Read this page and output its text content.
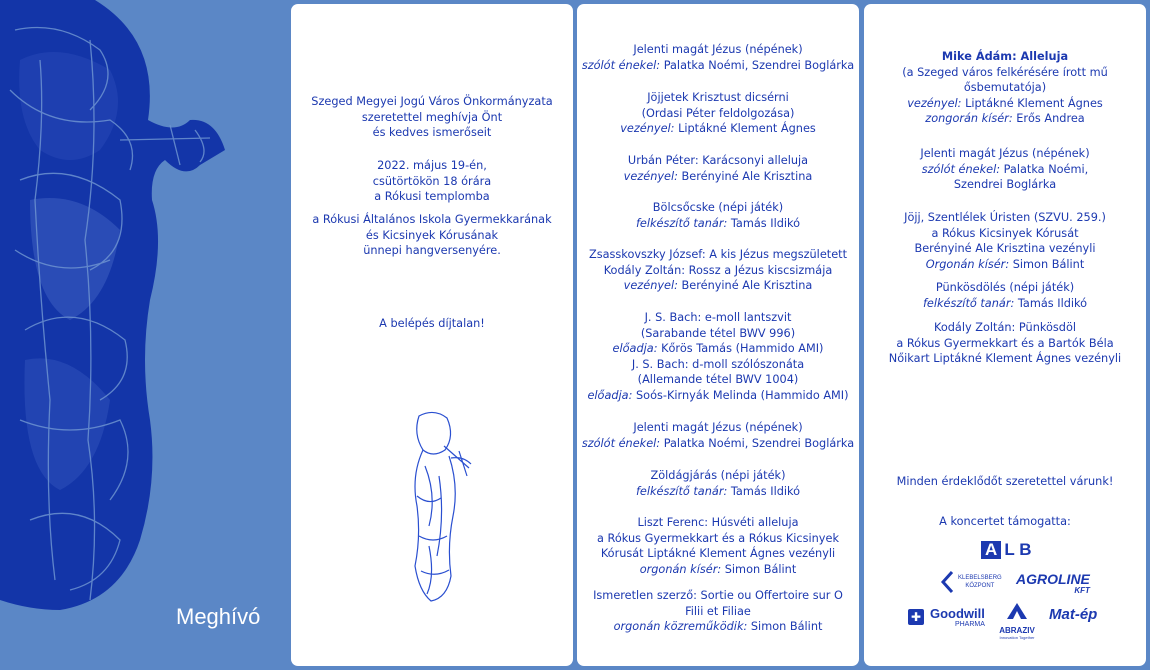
Meghívó
Szeged Megyei Jogú Város Önkormányzata
szeretettel meghívja Önt
és kedves ismerőseit
2022. május 19-én,
csütörtökön 18 órára
a Rókusi templomba
a Rókusi Általános Iskola Gyermekkarának
és Kicsinyek Kórusának
ünnepi hangversenyére.
A belépés díjtalan!
Jelenti magát Jézus (népének)
szólót énekel: Palatka Noémi, Szendrei Boglárka
Jöjjetek Krisztust dicsérni
(Ordasi Péter feldolgozása)
vezényel: Liptákné Klement Ágnes
Urbán Péter: Karácsonyi alleluja
vezényel: Berényiné Ale Krisztina
Bölcsőcske (népi játék)
felkészítő tanár: Tamás Ildikó
Zsasskovszky József: A kis Jézus megszületett
Kodály Zoltán: Rossz a Jézus kiscsizmája
vezényel: Berényiné Ale Krisztina
J. S. Bach: e-moll lantszvit
(Sarabande tétel BWV 996)
előadja: Kőrös Tamás (Hammido AMI)
J. S. Bach: d-moll szólószonáta
(Allemande tétel BWV 1004)
előadja: Soós-Kirnyák Melinda (Hammido AMI)
Jelenti magát Jézus (népének)
szólót énekel: Palatka Noémi, Szendrei Boglárka
Zöldágjárás (népi játék)
felkészítő tanár: Tamás Ildikó
Liszt Ferenc: Húsvéti alleluja
a Rókus Gyermekkart és a Rókus Kicsinyek
Kórusát Liptákné Klement Ágnes vezényli
orgonán kísér: Simon Bálint
Ismeretlen szerző: Sortie ou Offertoire sur O
Filii et Filiae
orgonán közreműködik: Simon Bálint
Mike Ádám: Alleluja
(a Szeged város felkérésére írott mű
ősbemutatója)
vezényel: Liptákné Klement Ágnes
zongorán kísér: Erős Andrea
Jelenti magát Jézus (népének)
szólót énekel: Palatka Noémi,
Szendrei Boglárka
Jöjj, Szentlélek Úristen (SZVU. 259.)
a Rókus Kicsinyek Kórusát
Berényiné Ale Krisztina vezényli
Orgonán kísér: Simon Bálint
Pünkösdölés (népi játék)
felkészítő tanár: Tamás Ildikó
Kodály Zoltán: Pünkösdöl
a Rókus Gyermekkart és a Bartók Béla
Nőikart Liptákné Klement Ágnes vezényli
Minden érdeklődőt szeretettel várunk!
A koncertet támogatta:
A L B
KLEBELSBERG
KÖZPONT	AGROLINE
KFT
✚ Goodwill
PHARMA
ABRAZIV
Innovation Together
Mat-ép
